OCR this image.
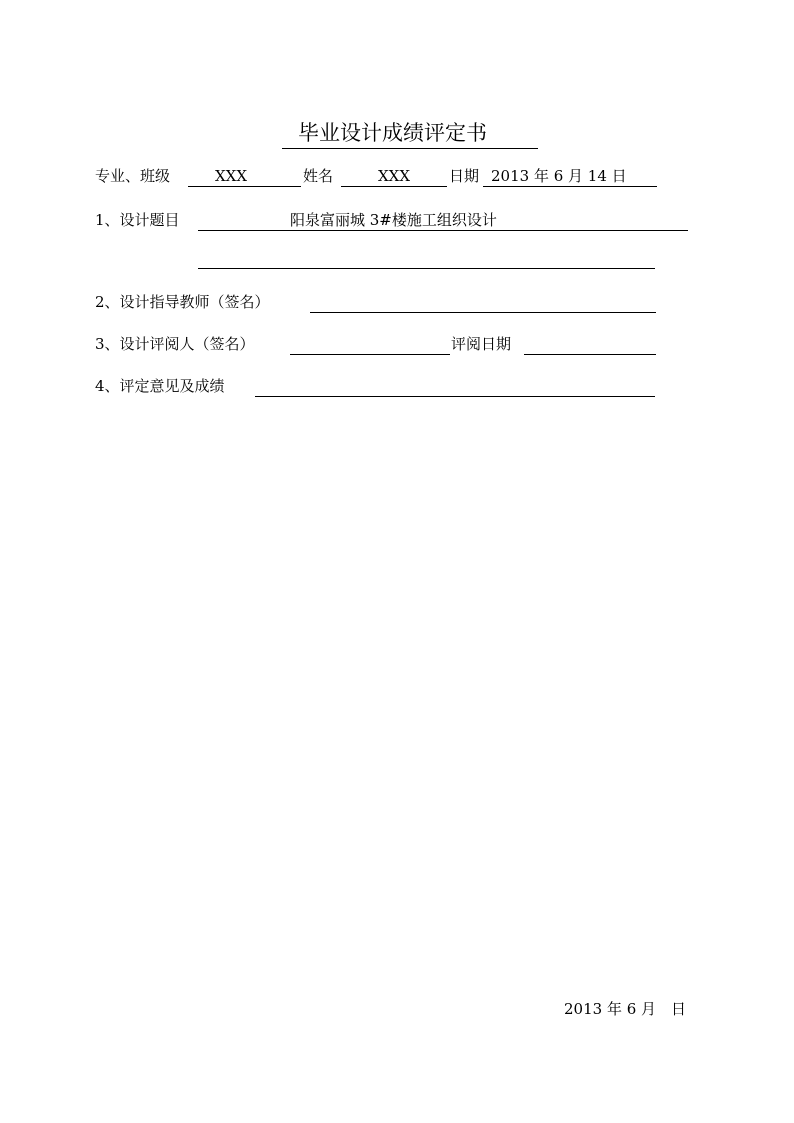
毕业设计成绩评定书
专业、班级	XXX	姓名	XXX	日期 2013 年 6 月 14 日
1、设计题目	阳泉富丽城 3#楼施工组织设计
2、设计指导教师（签名）
3、设计评阅人（签名）	评阅日期
4、评定意见及成绩
2013 年 6 月　日
